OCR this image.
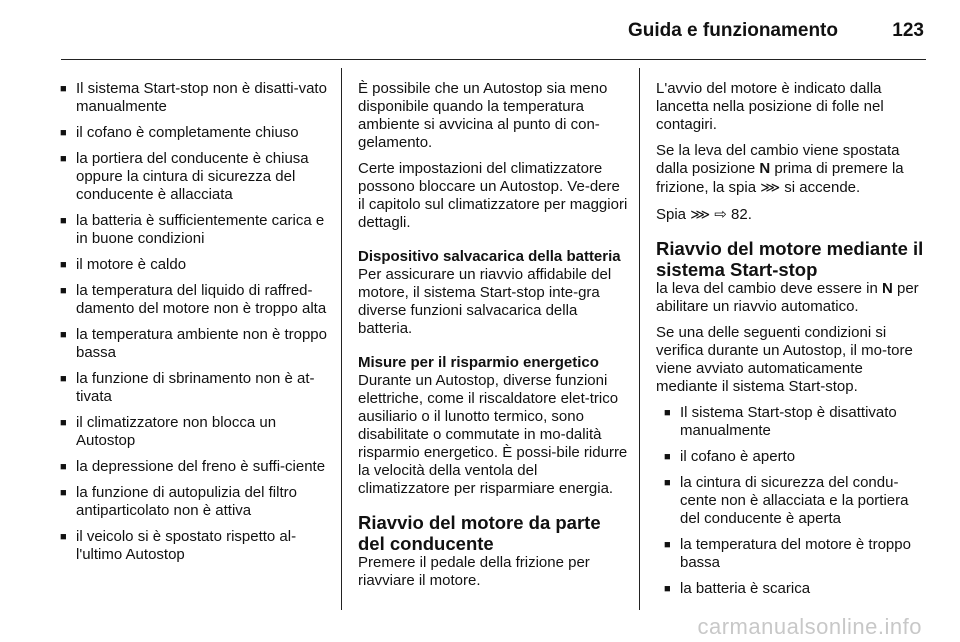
Guida e funzionamento	123
■ Il sistema Start-stop non è disatti-vato manualmente
■ il cofano è completamente chiuso
■ la portiera del conducente è chiusa oppure la cintura di sicurezza del conducente è allacciata
■ la batteria è sufficientemente carica e in buone condizioni
■ il motore è caldo
■ la temperatura del liquido di raffred-damento del motore non è troppo alta
■ la temperatura ambiente non è troppo bassa
■ la funzione di sbrinamento non è at-tivata
■ il climatizzatore non blocca un Autostop
■ la depressione del freno è suffi-ciente
■ la funzione di autopulizia del filtro antiparticolato non è attiva
■ il veicolo si è spostato rispetto al-l'ultimo Autostop

È possibile che un Autostop sia meno disponibile quando la temperatura ambiente si avvicina al punto di con-gelamento.

Certe impostazioni del climatizzatore possono bloccare un Autostop. Ve-dere il capitolo sul climatizzatore per maggiori dettagli.

Dispositivo salvacarica della batteria

Per assicurare un riavvio affidabile del motore, il sistema Start-stop inte-gra diverse funzioni salvacarica della batteria.

Misure per il risparmio energetico

Durante un Autostop, diverse funzioni elettriche, come il riscaldatore elet-trico ausiliario o il lunotto termico, sono disabilitate o commutate in mo-dalità risparmio energetico. È possi-bile ridurre la velocità della ventola del climatizzatore per risparmiare energia.

Riavvio del motore da parte del conducente

Premere il pedale della frizione per riavviare il motore.

L'avvio del motore è indicato dalla lancetta nella posizione di folle nel contagiri.

Se la leva del cambio viene spostata dalla posizione N prima di premere la frizione, la spia ⋙ si accende.

Spia ⋙ ⇨ 82.

Riavvio del motore mediante il sistema Start-stop

la leva del cambio deve essere in N per abilitare un riavvio automatico.

Se una delle seguenti condizioni si verifica durante un Autostop, il mo-tore viene avviato automaticamente mediante il sistema Start-stop.

■ Il sistema Start-stop è disattivato manualmente
■ il cofano è aperto
■ la cintura di sicurezza del condu-cente non è allacciata e la portiera del conducente è aperta
■ la temperatura del motore è troppo bassa
■ la batteria è scarica
carmanualsonline.info
